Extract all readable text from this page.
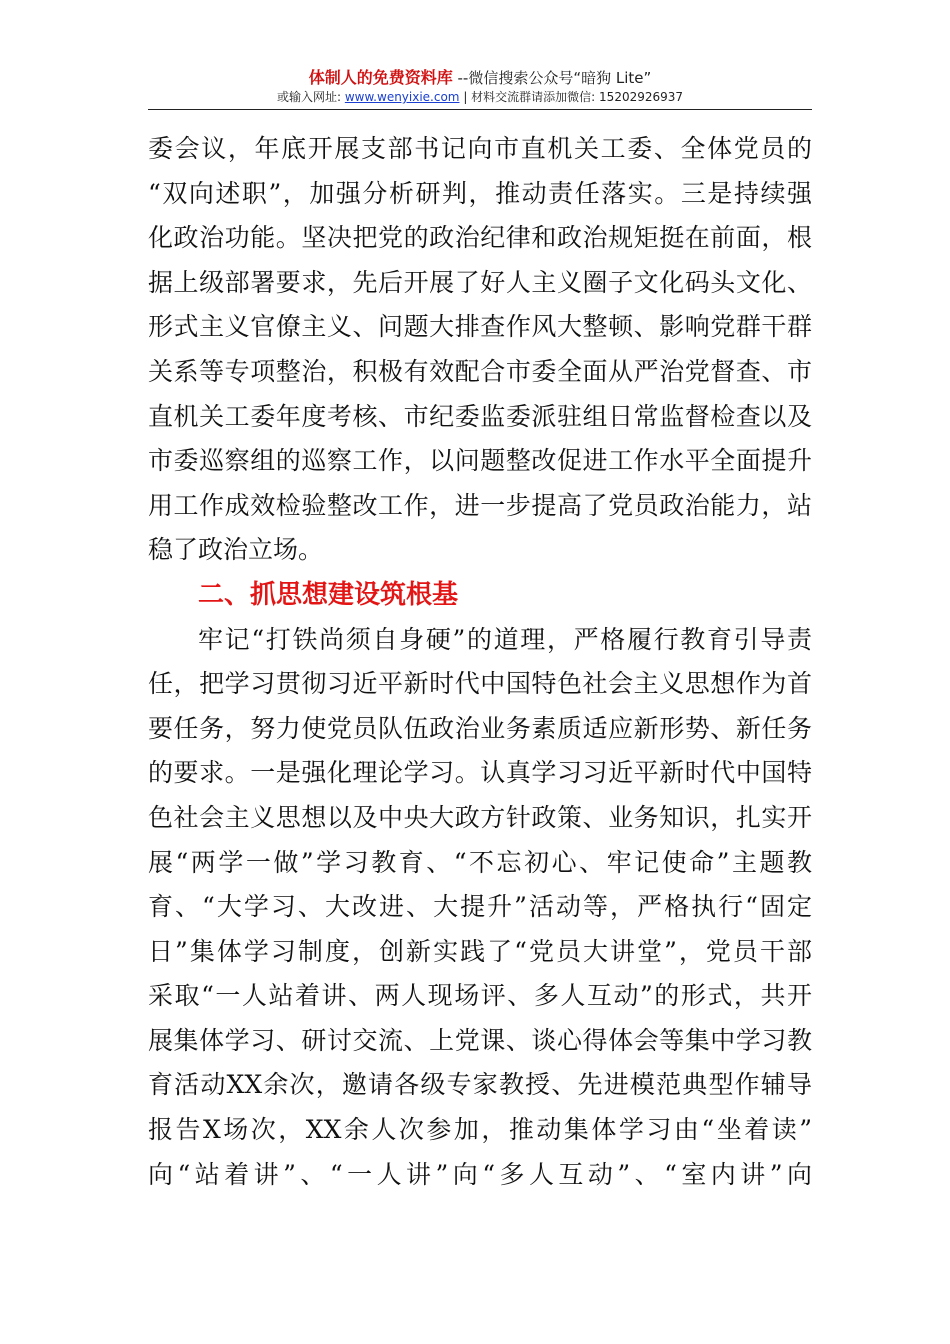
体制人的免费资料库 --微信搜索公众号“暗狗 Lite”
或输入网址: www.wenyixie.com | 材料交流群请添加微信: 15202926937
委会议，年底开展支部书记向市直机关工委、全体党员的
“双向述职”，加强分析研判，推动责任落实。三是持续强
化政治功能。坚决把党的政治纪律和政治规矩挺在前面，根
据上级部署要求，先后开展了好人主义圈子文化码头文化、
形式主义官僚主义、问题大排查作风大整顿、影响党群干群
关系等专项整治，积极有效配合市委全面从严治党督查、市
直机关工委年度考核、市纪委监委派驻组日常监督检查以及
市委巡察组的巡察工作，以问题整改促进工作水平全面提升
用工作成效检验整改工作，进一步提高了党员政治能力，站
稳了政治立场。
二、抓思想建设筑根基
牢记“打铁尚须自身硬”的道理，严格履行教育引导责
任，把学习贯彻习近平新时代中国特色社会主义思想作为首
要任务，努力使党员队伍政治业务素质适应新形势、新任务
的要求。一是强化理论学习。认真学习习近平新时代中国特
色社会主义思想以及中央大政方针政策、业务知识，扎实开
展“两学一做”学习教育、“不忘初心、牢记使命”主题教
育、“大学习、大改进、大提升”活动等，严格执行“固定
日”集体学习制度，创新实践了“党员大讲堂”，党员干部
采取“一人站着讲、两人现场评、多人互动”的形式，共开
展集体学习、研讨交流、上党课、谈心得体会等集中学习教
育活动XX余次，邀请各级专家教授、先进模范典型作辅导
报告X场次，XX余人次参加，推动集体学习由“坐着读”
向“站着讲”、“一人讲”向“多人互动”、“室内讲”向
